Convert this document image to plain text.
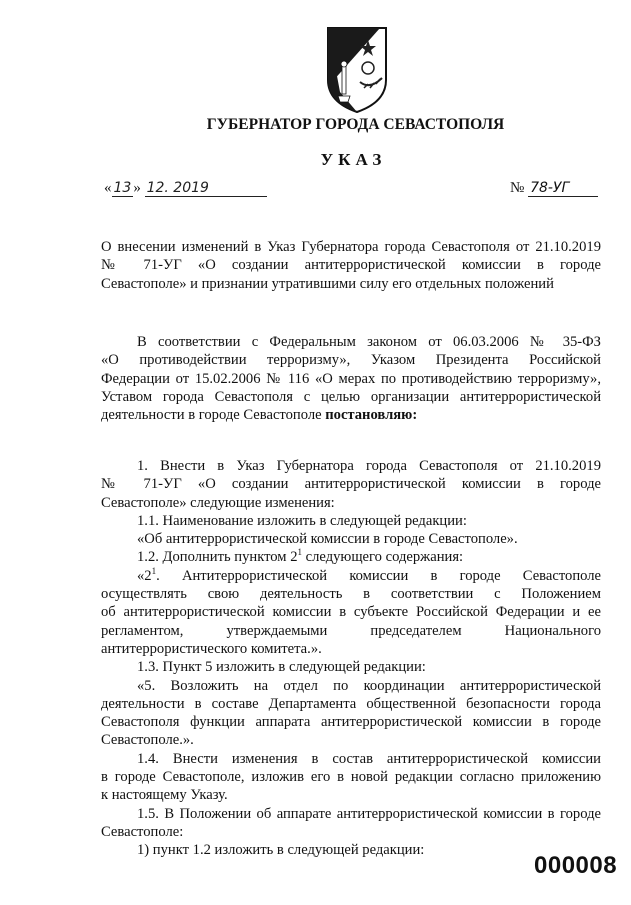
ГУБЕРНАТОР ГОРОДА СЕВАСТОПОЛЯ
УКАЗ
« 13 » 12. 2019	№ 78-УГ
О внесении изменений в Указ Губернатора города Севастополя от 21.10.2019
№ 71-УГ «О создании антитеррористической комиссии в городе
Севастополе» и признании утратившими силу его отдельных положений
В соответствии с Федеральным законом от 06.03.2006 № 35-ФЗ
«О противодействии терроризму», Указом Президента Российской
Федерации от 15.02.2006 № 116 «О мерах по противодействию терроризму»,
Уставом города Севастополя с целью организации антитеррористической
деятельности в городе Севастополе постановляю:
1. Внести в Указ Губернатора города Севастополя от 21.10.2019
№ 71-УГ «О создании антитеррористической комиссии в городе
Севастополе» следующие изменения:
1.1. Наименование изложить в следующей редакции:
«Об антитеррористической комиссии в городе Севастополе».
1.2. Дополнить пунктом $2^1$ следующего содержания:
«$2^1$. Антитеррористической комиссии в городе Севастополе
осуществлять свою деятельность в соответствии с Положением
об антитеррористической комиссии в субъекте Российской Федерации и ее
регламентом, утверждаемыми председателем Национального
антитеррористического комитета.».
1.3. Пункт 5 изложить в следующей редакции:
«5. Возложить на отдел по координации антитеррористической
деятельности в составе Департамента общественной безопасности города
Севастополя функции аппарата антитеррористической комиссии в городе
Севастополе.».
1.4. Внести изменения в состав антитеррористической комиссии
в городе Севастополе, изложив его в новой редакции согласно приложению
к настоящему Указу.
1.5. В Положении об аппарате антитеррористической комиссии в городе
Севастополе:
1) пункт 1.2 изложить в следующей редакции:
000008
